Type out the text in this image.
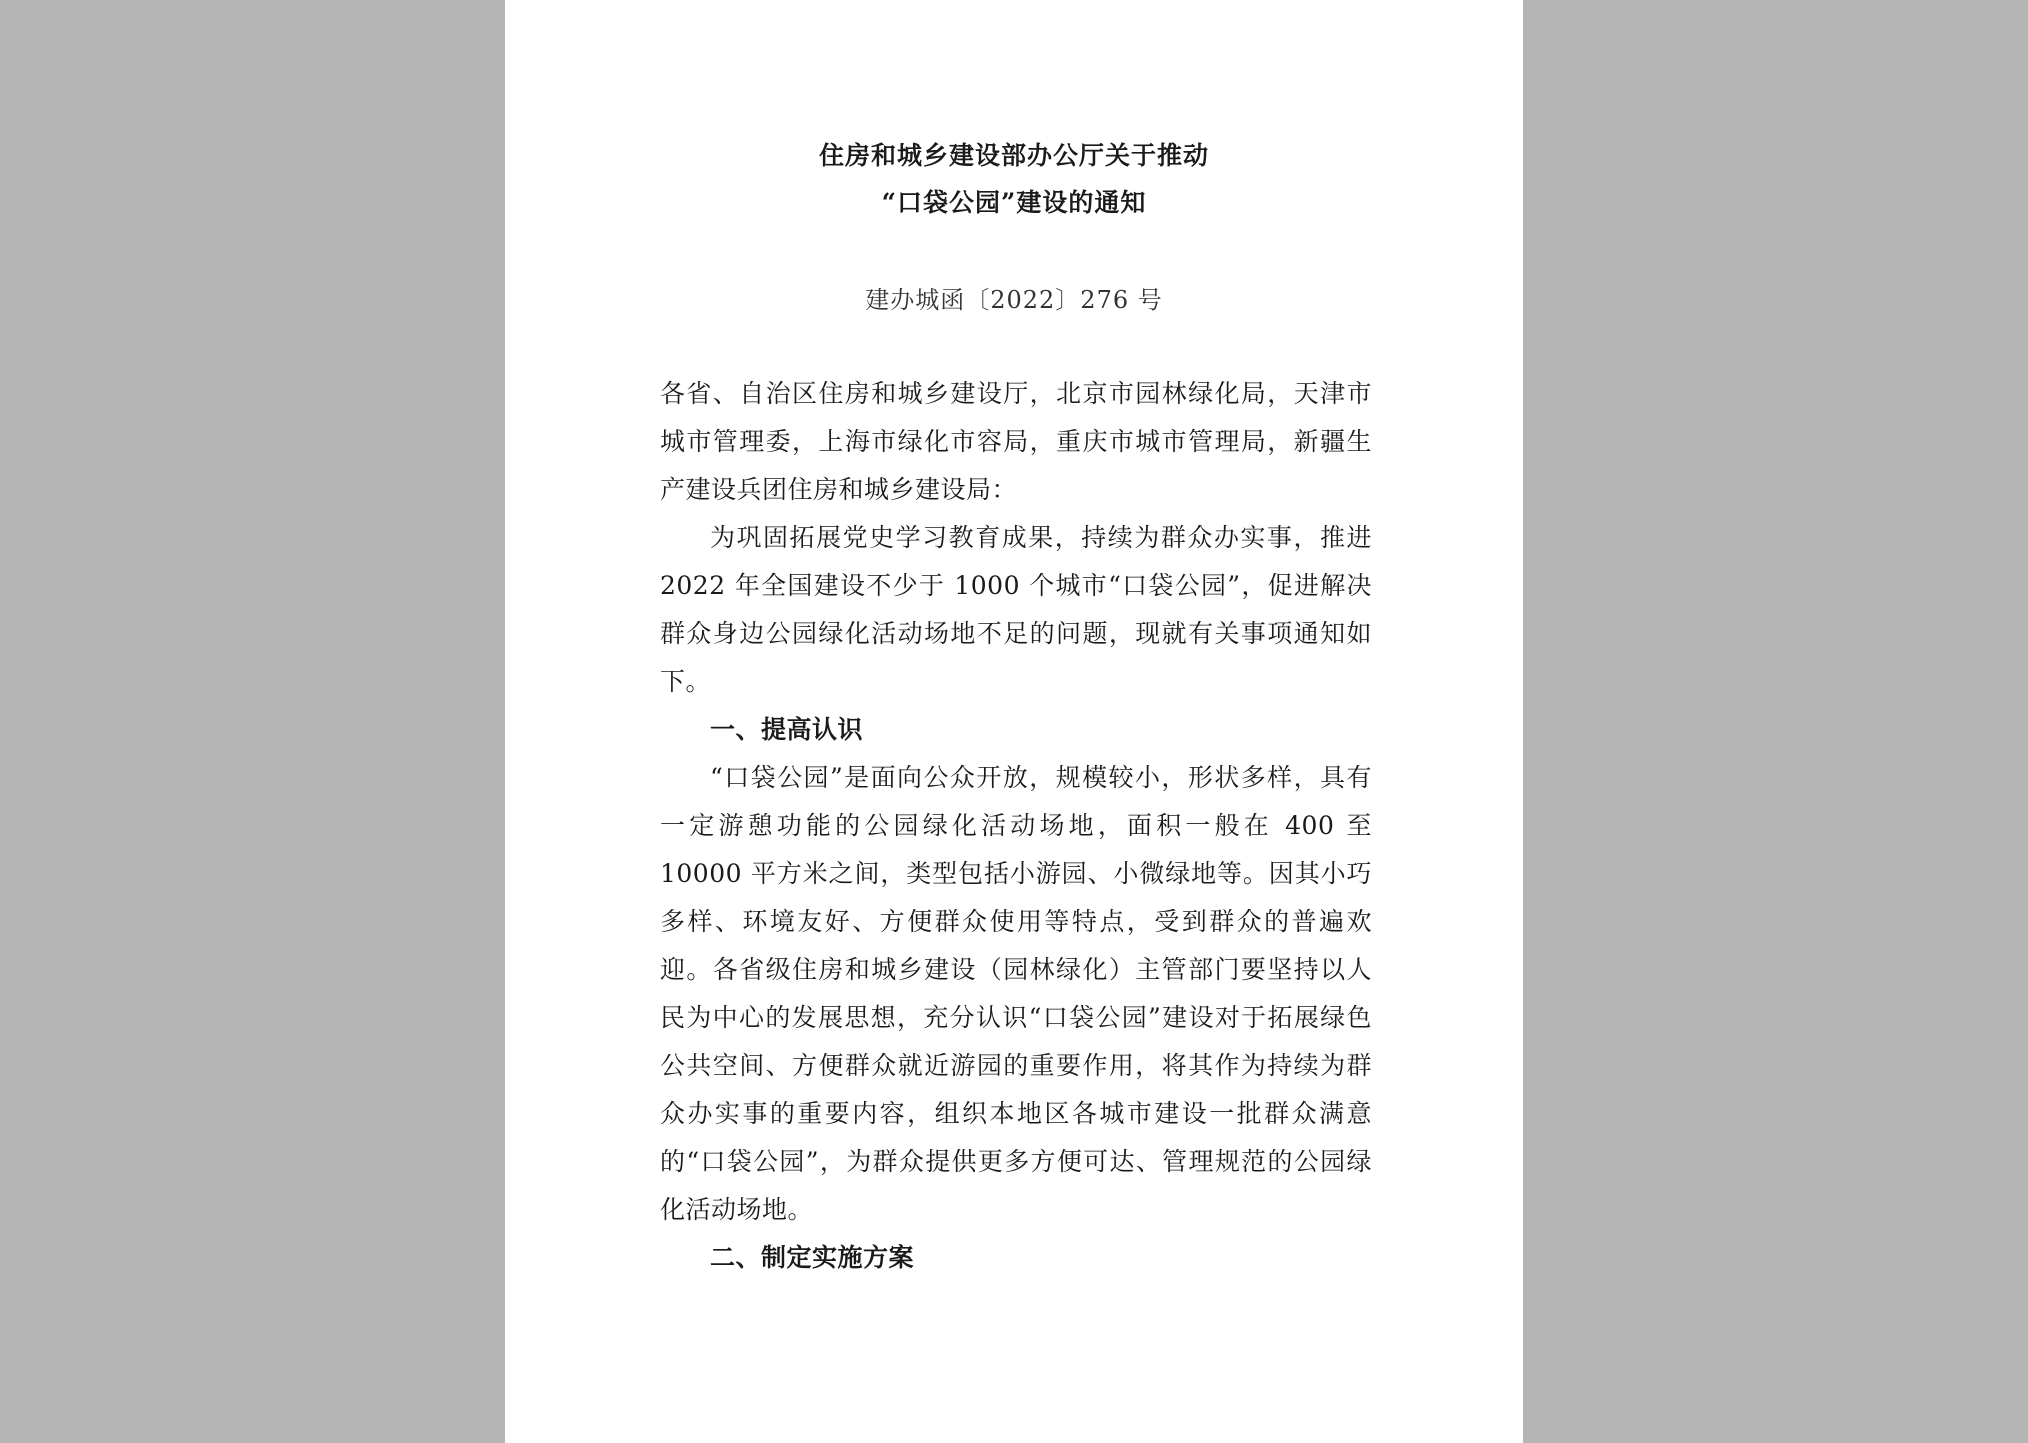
住房和城乡建设部办公厅关于推动
“口袋公园”建设的通知
建办城函〔2022〕276 号

各省、自治区住房和城乡建设厅，北京市园林绿化局，天津市城市管理委，上海市绿化市容局，重庆市城市管理局，新疆生产建设兵团住房和城乡建设局：

为巩固拓展党史学习教育成果，持续为群众办实事，推进 2022 年全国建设不少于 1000 个城市“口袋公园”，促进解决群众身边公园绿化活动场地不足的问题，现就有关事项通知如下。

一、提高认识

“口袋公园”是面向公众开放，规模较小，形状多样，具有一定游憩功能的公园绿化活动场地，面积一般在 400 至 10000 平方米之间，类型包括小游园、小微绿地等。因其小巧多样、环境友好、方便群众使用等特点，受到群众的普遍欢迎。各省级住房和城乡建设（园林绿化）主管部门要坚持以人民为中心的发展思想，充分认识“口袋公园”建设对于拓展绿色公共空间、方便群众就近游园的重要作用，将其作为持续为群众办实事的重要内容，组织本地区各城市建设一批群众满意的“口袋公园”，为群众提供更多方便可达、管理规范的公园绿化活动场地。

二、制定实施方案
